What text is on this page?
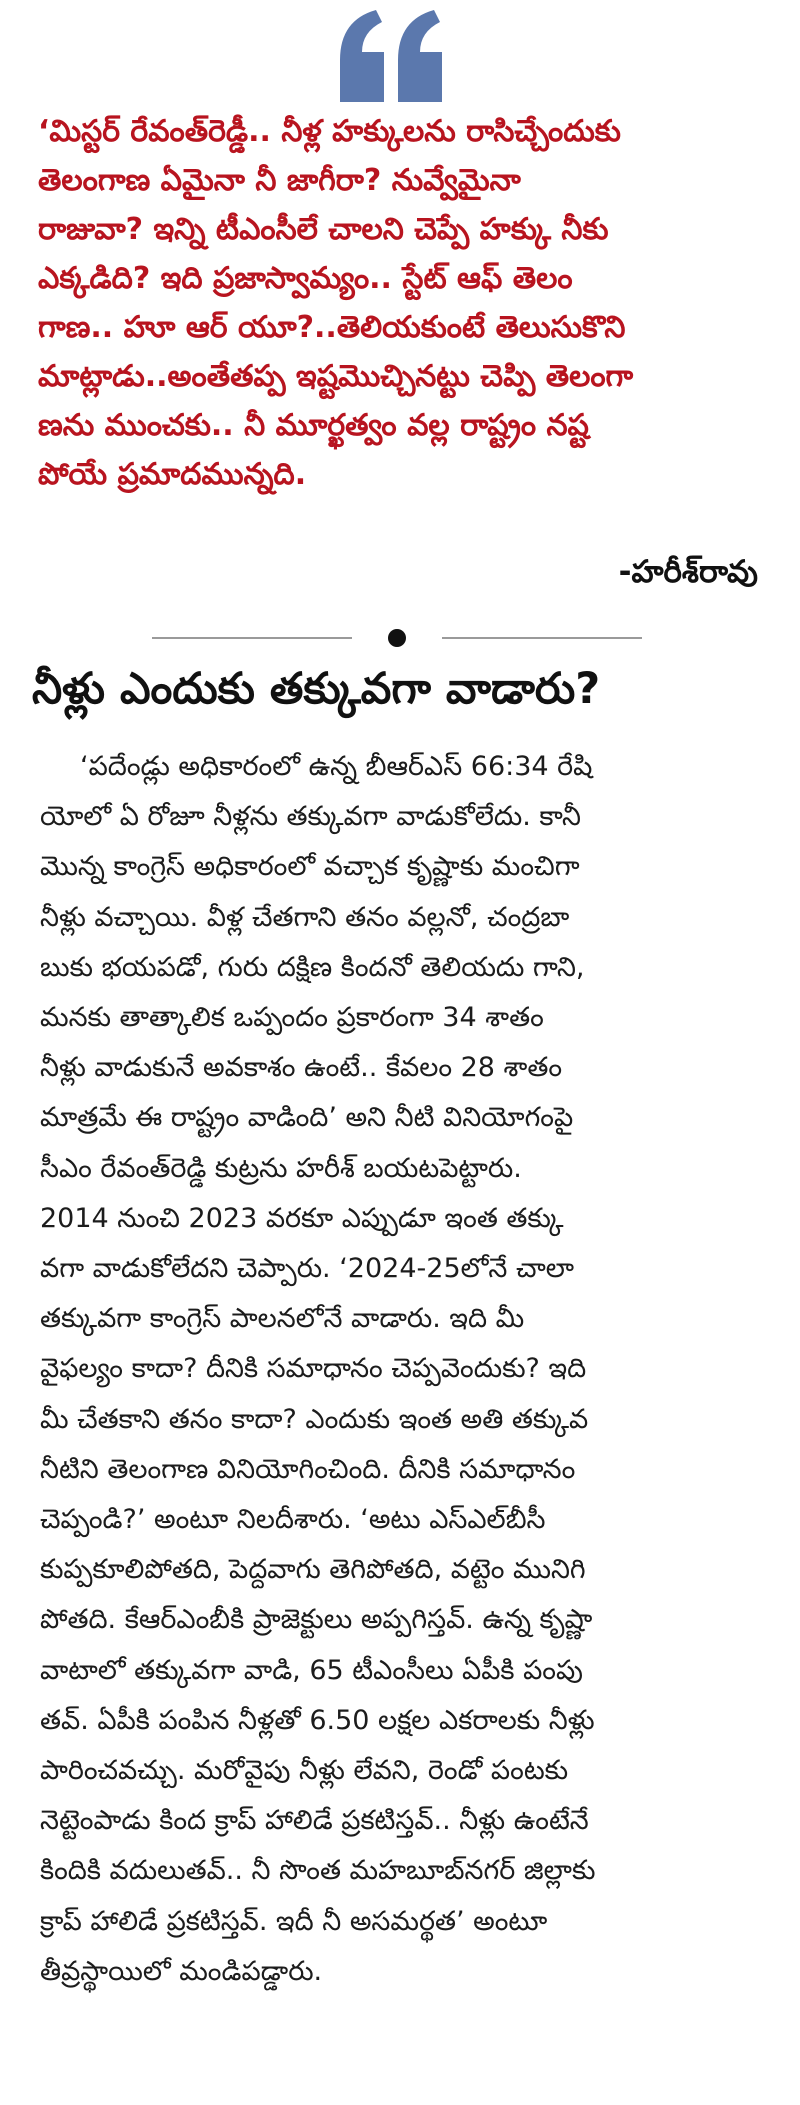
‘మిస్టర్ రేవంత్‌రెడ్డీ.. నీళ్ల హక్కులను రాసిచ్చేందుకు
తెలంగాణ ఏమైనా నీ జాగీరా? నువ్వేమైనా
రాజువా? ఇన్ని టీఎంసీలే చాలని చెప్పే హక్కు నీకు
ఎక్కడిది? ఇది ప్రజాస్వామ్యం.. స్టేట్ ఆఫ్ తెలం
గాణ.. హూ ఆర్ యూ?..తెలియకుంటే తెలుసుకొని
మాట్లాడు..అంతేతప్ప ఇష్టమొచ్చినట్టు చెప్పి తెలంగా
ణను ముంచకు.. నీ మూర్ఖత్వం వల్ల రాష్ట్రం నష్ట
పోయే ప్రమాదమున్నది.
-హరీశ్‌రావు
నీళ్లు ఎందుకు తక్కువగా వాడారు?
‘పదేండ్లు అధికారంలో ఉన్న బీఆర్‌ఎస్ 66:34 రేషి
యోలో ఏ రోజూ నీళ్లను తక్కువగా వాడుకోలేదు. కానీ
మొన్న కాంగ్రెస్ అధికారంలో వచ్చాక కృష్ణాకు మంచిగా
నీళ్లు వచ్చాయి. వీళ్ల చేతగాని తనం వల్లనో, చంద్రబా
బుకు భయపడో, గురు దక్షిణ కిందనో తెలియదు గాని,
మనకు తాత్కాలిక ఒప్పందం ప్రకారంగా 34 శాతం
నీళ్లు వాడుకునే అవకాశం ఉంటే.. కేవలం 28 శాతం
మాత్రమే ఈ రాష్ట్రం వాడింది’ అని నీటి వినియోగంపై
సీఎం రేవంత్‌రెడ్డి కుట్రను హరీశ్ బయటపెట్టారు.
2014 నుంచి 2023 వరకూ ఎప్పుడూ ఇంత తక్కు
వగా వాడుకోలేదని చెప్పారు. ‘2024-25లోనే చాలా
తక్కువగా కాంగ్రెస్ పాలనలోనే వాడారు. ఇది మీ
వైఫల్యం కాదా? దీనికి సమాధానం చెప్పవెందుకు? ఇది
మీ చేతకాని తనం కాదా? ఎందుకు ఇంత అతి తక్కువ
నీటిని తెలంగాణ వినియోగించింది. దీనికి సమాధానం
చెప్పండి?’ అంటూ నిలదీశారు. ‘అటు ఎస్‌ఎల్‌బీసీ
కుప్పకూలిపోతది, పెద్దవాగు తెగిపోతది, వట్టెం మునిగి
పోతది. కేఆర్‌ఎంబీకి ప్రాజెక్టులు అప్పగిస్తవ్. ఉన్న కృష్ణా
వాటాలో తక్కువగా వాడి, 65 టీఎంసీలు ఏపీకి పంపు
తవ్. ఏపీకి పంపిన నీళ్లతో 6.50 లక్షల ఎకరాలకు నీళ్లు
పారించవచ్చు. మరోవైపు నీళ్లు లేవని, రెండో పంటకు
నెట్టెంపాడు కింద క్రాప్ హాలిడే ప్రకటిస్తవ్.. నీళ్లు ఉంటేనే
కిందికి వదులుతవ్.. నీ సొంత మహబూబ్‌నగర్ జిల్లాకు
క్రాప్ హాలిడే ప్రకటిస్తవ్. ఇదీ నీ అసమర్థత’ అంటూ
తీవ్రస్థాయిలో మండిపడ్డారు.
